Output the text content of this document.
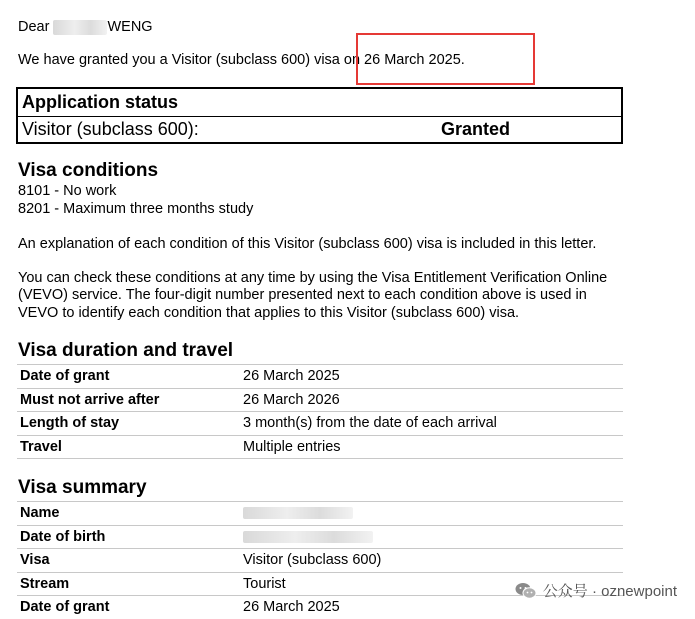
Dear	WENG
We have granted you a Visitor (subclass 600) visa on 26 March 2025.
Application status
Visitor (subclass 600):	Granted
Visa conditions
8101 - No work
8201 - Maximum three months study
An explanation of each condition of this Visitor (subclass 600) visa is included in this letter.
You can check these conditions at any time by using the Visa Entitlement Verification Online
(VEVO) service. The four-digit number presented next to each condition above is used in
VEVO to identify each condition that applies to this Visitor (subclass 600) visa.
Visa duration and travel
Date of grant	26 March 2025
Must not arrive after	26 March 2026
Length of stay	3 month(s) from the date of each arrival
Travel	Multiple entries
Visa summary
Name
Date of birth
Visa	Visitor (subclass 600)
Stream	Tourist
Date of grant	26 March 2025
公众号 · oznewpoint
